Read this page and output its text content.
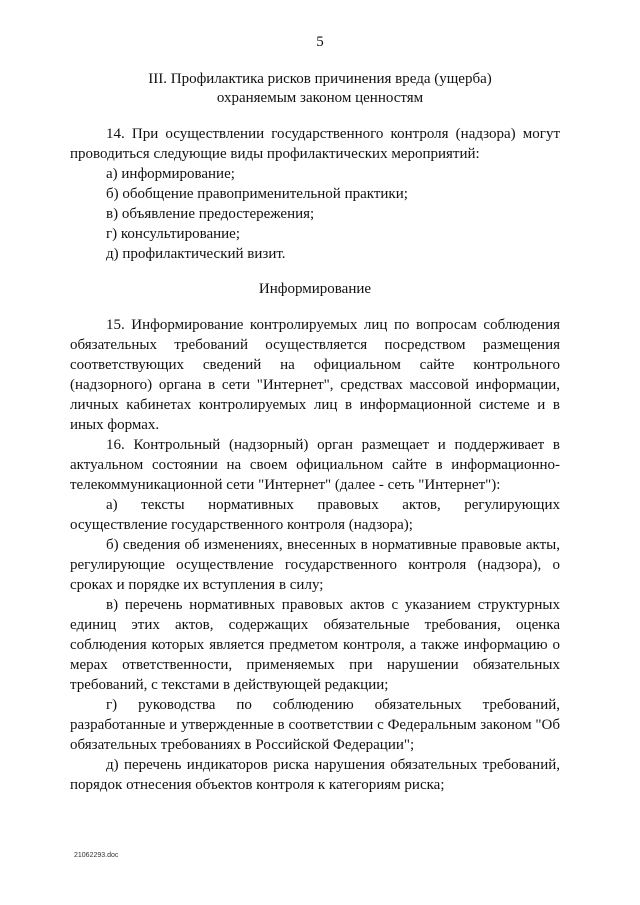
5
III. Профилактика рисков причинения вреда (ущерба)
охраняемым законом ценностям

14. При осуществлении государственного контроля (надзора) могут проводиться следующие виды профилактических мероприятий:

а) информирование;

б) обобщение правоприменительной практики;

в) объявление предостережения;

г) консультирование;

д) профилактический визит.

Информирование

15. Информирование контролируемых лиц по вопросам соблюдения обязательных требований осуществляется посредством размещения соответствующих сведений на официальном сайте контрольного (надзорного) органа в сети "Интернет", средствах массовой информации, личных кабинетах контролируемых лиц в информационной системе и в иных формах.

16. Контрольный (надзорный) орган размещает и поддерживает в актуальном состоянии на своем официальном сайте в информационно-телекоммуникационной сети "Интернет" (далее - сеть "Интернет"):

а) тексты нормативных правовых актов, регулирующих осуществление государственного контроля (надзора);

б) сведения об изменениях, внесенных в нормативные правовые акты, регулирующие осуществление государственного контроля (надзора), о сроках и порядке их вступления в силу;

в) перечень нормативных правовых актов с указанием структурных единиц этих актов, содержащих обязательные требования, оценка соблюдения которых является предметом контроля, а также информацию о мерах ответственности, применяемых при нарушении обязательных требований, с текстами в действующей редакции;

г) руководства по соблюдению обязательных требований, разработанные и утвержденные в соответствии с Федеральным законом "Об обязательных требованиях в Российской Федерации";

д) перечень индикаторов риска нарушения обязательных требований, порядок отнесения объектов контроля к категориям риска;

21062293.doc
